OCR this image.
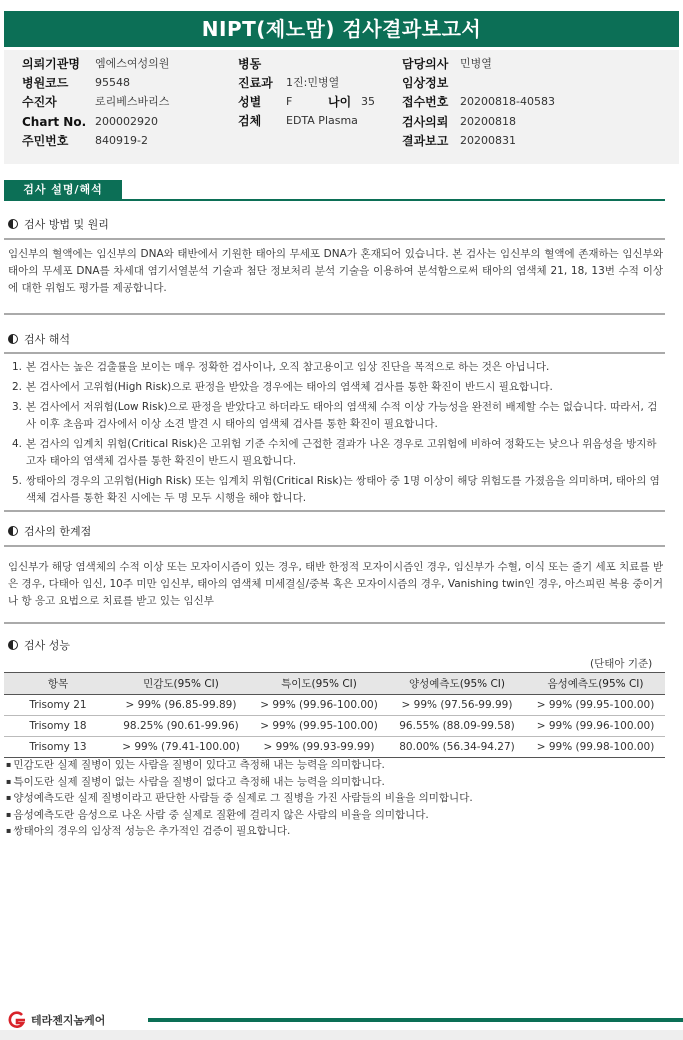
NIPT(제노맘) 검사결과보고서
의뢰기관명 엠에스여성의원
병원코드 95548
수진자	로리베스바리스
Chart No. 200002920
주민번호 840919-2
병동
진료과 1진:민병열
성별 F	나이 35
검체 EDTA Plasma
담당의사 민병열
임상정보
접수번호 20200818-40583
검사의뢰 20200818
결과보고 20200831
검사 설명/해석
검사 방법 및 원리
임신부의 혈액에는 임신부의 DNA와 태반에서 기원한 태아의 무세포 DNA가 혼재되어 있습니다. 본 검사는 임신부의 혈액에 존재하는 임신부와 태아의 무세포 DNA를 차세대 염기서열분석 기술과 첨단 정보처리 분석 기술을 이용하여 분석함으로써 태아의 염색체 21, 18, 13번 수적 이상에 대한 위험도 평가를 제공합니다.
검사 해석
1. 본 검사는 높은 검출률을 보이는 매우 정확한 검사이나, 오직 참고용이고 임상 진단을 목적으로 하는 것은 아닙니다.
2. 본 검사에서 고위험(High Risk)으로 판정을 받았을 경우에는 태아의 염색체 검사를 통한 확진이 반드시 필요합니다.
3. 본 검사에서 저위험(Low Risk)으로 판정을 받았다고 하더라도 태아의 염색체 수적 이상 가능성을 완전히 배제할 수는 없습니다. 따라서, 검사 이후 초음파 검사에서 이상 소견 발견 시 태아의 염색체 검사를 통한 확진이 필요합니다.
4. 본 검사의 임계치 위험(Critical Risk)은 고위험 기준 수치에 근접한 결과가 나온 경우로 고위험에 비하여 정확도는 낮으나 위음성을 방지하고자 태아의 염색체 검사를 통한 확진이 반드시 필요합니다.
5. 쌍태아의 경우의 고위험(High Risk) 또는 임계치 위험(Critical Risk)는 쌍태아 중 1명 이상이 해당 위험도를 가졌음을 의미하며, 태아의 염색체 검사를 통한 확진 시에는 두 명 모두 시행을 해야 합니다.
검사의 한계점
임신부가 해당 염색체의 수적 이상 또는 모자이시즘이 있는 경우, 태반 한정적 모자이시즘인 경우, 임신부가 수혈, 이식 또는 줄기 세포 치료를 받은 경우, 다태아 임신, 10주 미만 임신부, 태아의 염색체 미세결실/중복 혹은 모자이시즘의 경우, Vanishing twin인 경우, 아스피린 복용 중이거나 항 응고 요법으로 치료를 받고 있는 임신부
검사 성능
(단태아 기준)
항목	민감도(95% CI)	특이도(95% CI)	양성예측도(95% CI)	음성예측도(95% CI)
Trisomy 21	> 99% (96.85-99.89)	> 99% (99.96-100.00)	> 99% (97.56-99.99)	> 99% (99.95-100.00)
Trisomy 18	98.25% (90.61-99.96)	> 99% (99.95-100.00)	96.55% (88.09-99.58)	> 99% (99.96-100.00)
Trisomy 13	> 99% (79.41-100.00)	> 99% (99.93-99.99)	80.00% (56.34-94.27)	> 99% (99.98-100.00)
▪ 민감도란 실제 질병이 있는 사람을 질병이 있다고 측정해 내는 능력을 의미합니다.
▪ 특이도란 실제 질병이 없는 사람을 질병이 없다고 측정해 내는 능력을 의미합니다.
▪ 양성예측도란 실제 질병이라고 판단한 사람들 중 실제로 그 질병을 가진 사람들의 비율을 의미합니다.
▪ 음성예측도란 음성으로 나온 사람 중 실제로 질환에 걸리지 않은 사람의 비율을 의미합니다.
▪ 쌍태아의 경우의 임상적 성능은 추가적인 검증이 필요합니다.
테라젠지놈케어
